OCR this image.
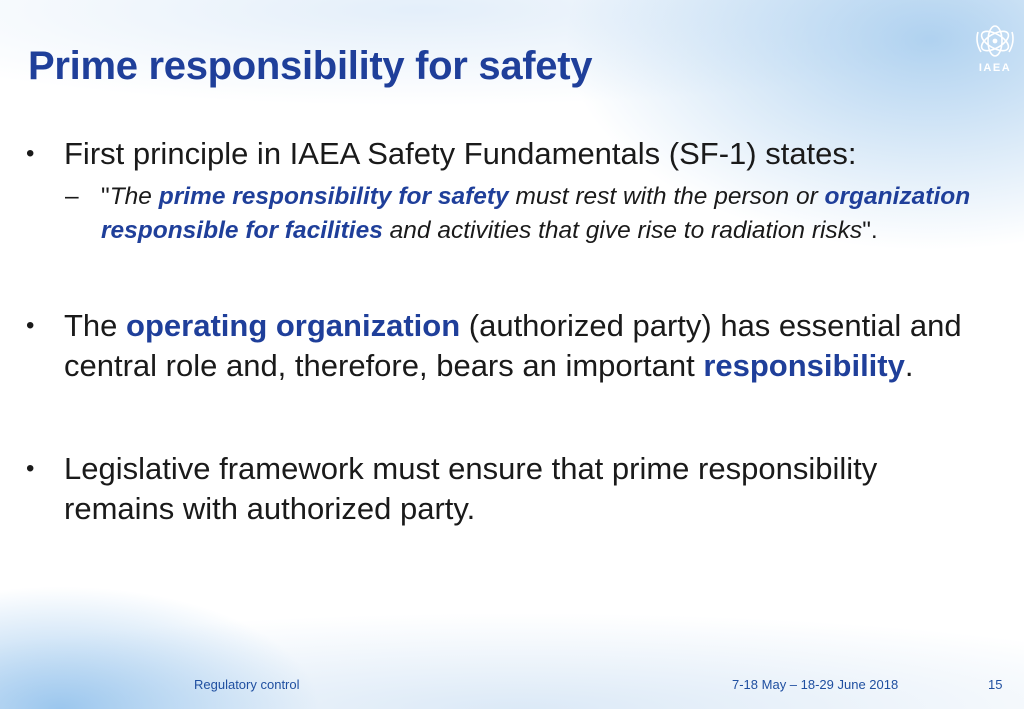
Prime responsibility for safety	IAEA
• First principle in IAEA Safety Fundamentals (SF-1) states:
– "The prime responsibility for safety must rest with the person or organization responsible for facilities and activities that give rise to radiation risks".
• The operating organization (authorized party) has essential and central role and, therefore, bears an important responsibility.
• Legislative framework must ensure that prime responsibility remains with authorized party.
Regulatory control	7-18 May – 18-29 June 2018	15
